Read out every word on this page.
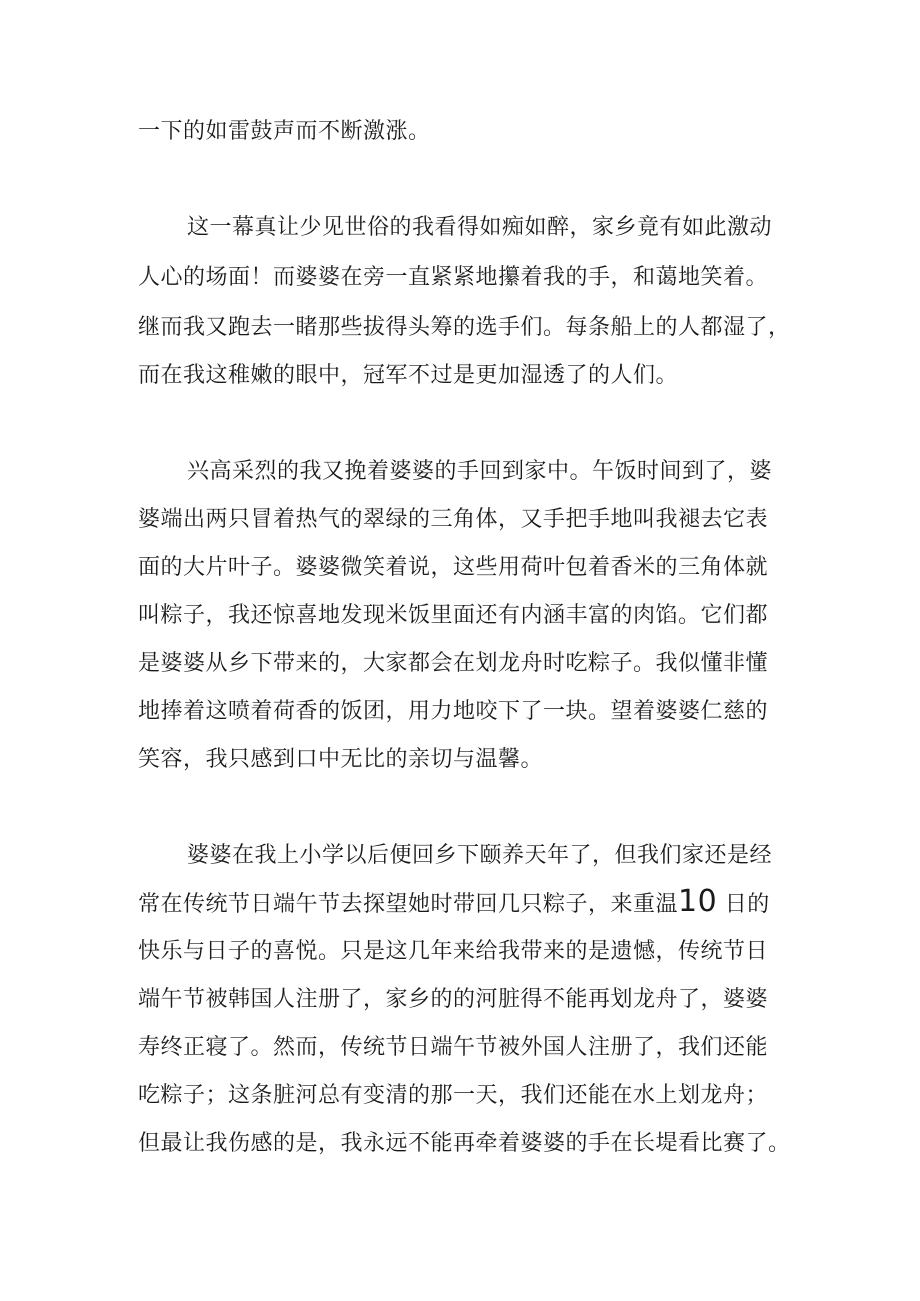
一下的如雷鼓声而不断激涨。
这一幕真让少见世俗的我看得如痴如醉，家乡竟有如此激动
人心的场面！而婆婆在旁一直紧紧地攥着我的手，和蔼地笑着。
继而我又跑去一睹那些拔得头筹的选手们。每条船上的人都湿了，
而在我这稚嫩的眼中，冠军不过是更加湿透了的人们。
兴高采烈的我又挽着婆婆的手回到家中。午饭时间到了，婆
婆端出两只冒着热气的翠绿的三角体，又手把手地叫我褪去它表
面的大片叶子。婆婆微笑着说，这些用荷叶包着香米的三角体就
叫粽子，我还惊喜地发现米饭里面还有内涵丰富的肉馅。它们都
是婆婆从乡下带来的，大家都会在划龙舟时吃粽子。我似懂非懂
地捧着这喷着荷香的饭团，用力地咬下了一块。望着婆婆仁慈的
笑容，我只感到口中无比的亲切与温馨。
婆婆在我上小学以后便回乡下颐养天年了，但我们家还是经
常在传统节日端午节去探望她时带回几只粽子，来重温10 日的
快乐与日子的喜悦。只是这几年来给我带来的是遗憾，传统节日
端午节被韩国人注册了，家乡的的河脏得不能再划龙舟了，婆婆
寿终正寝了。然而，传统节日端午节被外国人注册了，我们还能
吃粽子；这条脏河总有变清的那一天，我们还能在水上划龙舟；
但最让我伤感的是，我永远不能再牵着婆婆的手在长堤看比赛了。
